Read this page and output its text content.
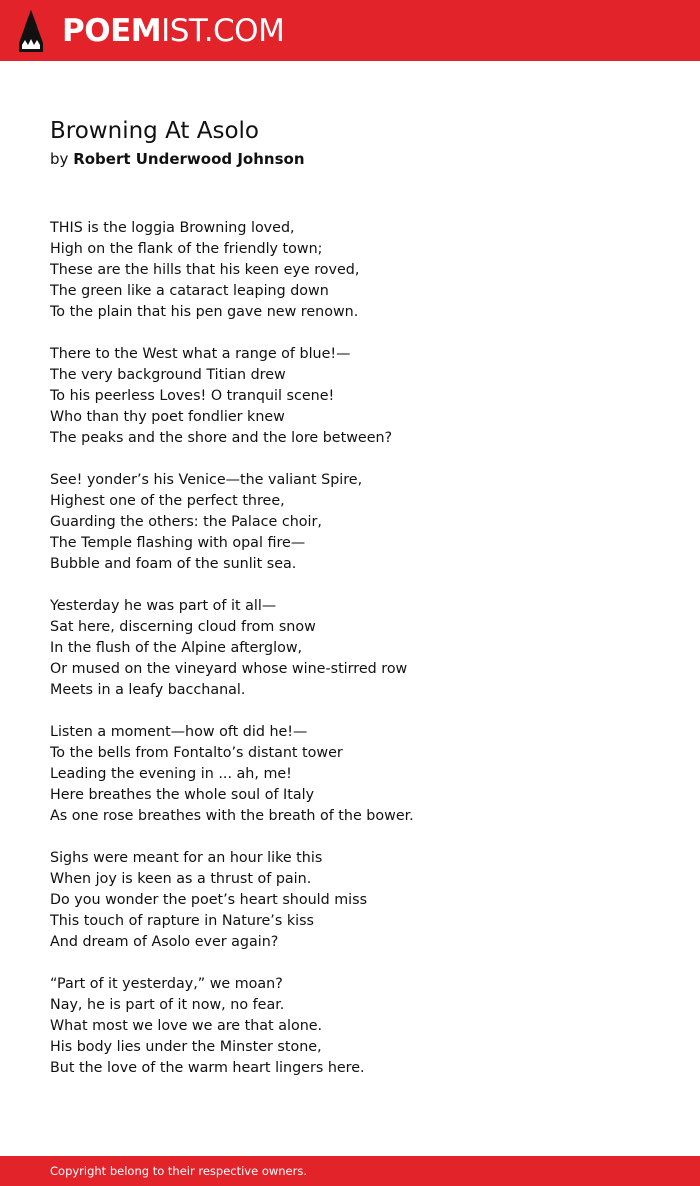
POEMIST.COM
Browning At Asolo
by Robert Underwood Johnson
THIS is the loggia Browning loved,
High on the flank of the friendly town;
These are the hills that his keen eye roved,
The green like a cataract leaping down
To the plain that his pen gave new renown.
There to the West what a range of blue!—
The very background Titian drew
To his peerless Loves! O tranquil scene!
Who than thy poet fondlier knew
The peaks and the shore and the lore between?
See! yonder’s his Venice—the valiant Spire,
Highest one of the perfect three,
Guarding the others: the Palace choir,
The Temple flashing with opal fire—
Bubble and foam of the sunlit sea.
Yesterday he was part of it all—
Sat here, discerning cloud from snow
In the flush of the Alpine afterglow,
Or mused on the vineyard whose wine-stirred row
Meets in a leafy bacchanal.
Listen a moment—how oft did he!—
To the bells from Fontalto’s distant tower
Leading the evening in ... ah, me!
Here breathes the whole soul of Italy
As one rose breathes with the breath of the bower.
Sighs were meant for an hour like this
When joy is keen as a thrust of pain.
Do you wonder the poet’s heart should miss
This touch of rapture in Nature’s kiss
And dream of Asolo ever again?
“Part of it yesterday,” we moan?
Nay, he is part of it now, no fear.
What most we love we are that alone.
His body lies under the Minster stone,
But the love of the warm heart lingers here.
Copyright belong to their respective owners.
